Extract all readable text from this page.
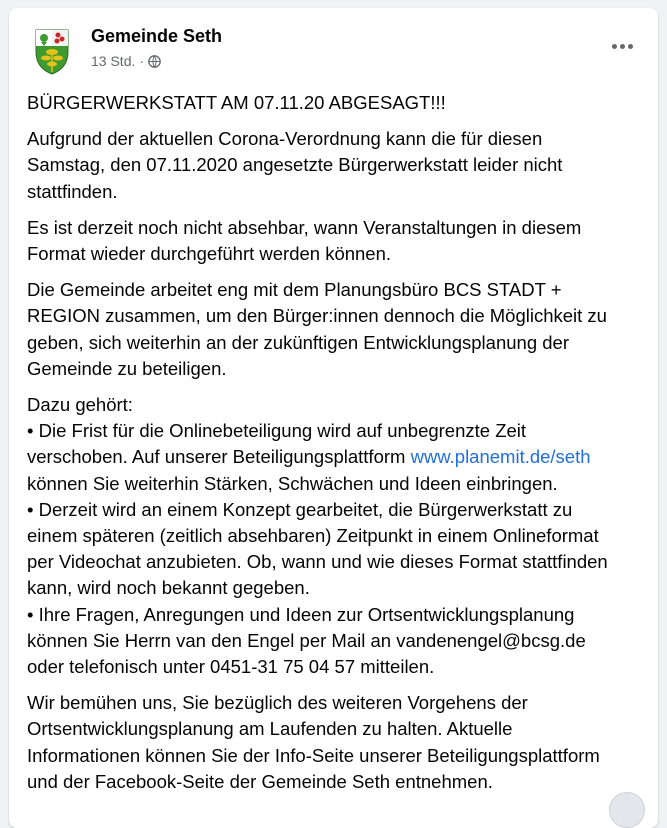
Gemeinde Seth
13 Std. ·

BÜRGERWERKSTATT AM 07.11.20 ABGESAGT!!!

Aufgrund der aktuellen Corona-Verordnung kann die für diesen
Samstag, den 07.11.2020 angesetzte Bürgerwerkstatt leider nicht
stattfinden.

Es ist derzeit noch nicht absehbar, wann Veranstaltungen in diesem
Format wieder durchgeführt werden können.

Die Gemeinde arbeitet eng mit dem Planungsbüro BCS STADT +
REGION zusammen, um den Bürger:innen dennoch die Möglichkeit zu
geben, sich weiterhin an der zukünftigen Entwicklungsplanung der
Gemeinde zu beteiligen.

Dazu gehört:
• Die Frist für die Onlinebeteiligung wird auf unbegrenzte Zeit
verschoben. Auf unserer Beteiligungsplattform www.planemit.de/seth
können Sie weiterhin Stärken, Schwächen und Ideen einbringen.
• Derzeit wird an einem Konzept gearbeitet, die Bürgerwerkstatt zu
einem späteren (zeitlich absehbaren) Zeitpunkt in einem Onlineformat
per Videochat anzubieten. Ob, wann und wie dieses Format stattfinden
kann, wird noch bekannt gegeben.
• Ihre Fragen, Anregungen und Ideen zur Ortsentwicklungsplanung
können Sie Herrn van den Engel per Mail an vandenengel@bcsg.de
oder telefonisch unter 0451-31 75 04 57 mitteilen.

Wir bemühen uns, Sie bezüglich des weiteren Vorgehens der
Ortsentwicklungsplanung am Laufenden zu halten. Aktuelle
Informationen können Sie der Info-Seite unserer Beteiligungsplattform
und der Facebook-Seite der Gemeinde Seth entnehmen.
